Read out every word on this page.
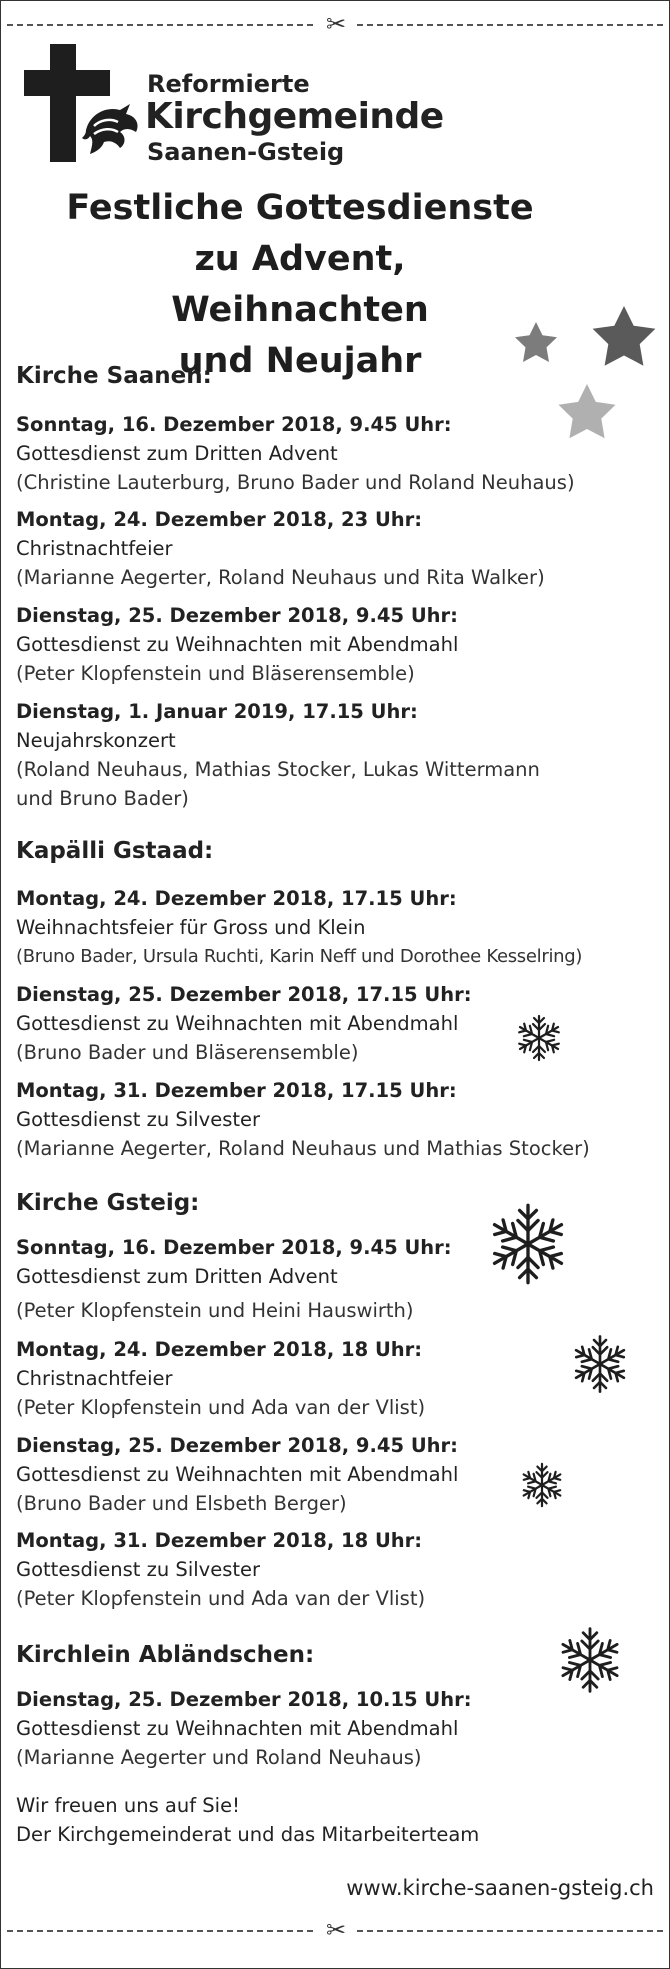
✂
✂
Reformierte
Kirchgemeinde
Saanen-Gsteig
Festliche Gottesdienste
zu Advent, Weihnachten
und Neujahr
Kirche Saanen:
Sonntag, 16. Dezember 2018, 9.45 Uhr:
Gottesdienst zum Dritten Advent
(Christine Lauterburg, Bruno Bader und Roland Neuhaus)
Montag, 24. Dezember 2018, 23 Uhr:
Christnachtfeier
(Marianne Aegerter, Roland Neuhaus und Rita Walker)
Dienstag, 25. Dezember 2018, 9.45 Uhr:
Gottesdienst zu Weihnachten mit Abendmahl
(Peter Klopfenstein und Bläserensemble)
Dienstag, 1. Januar 2019, 17.15 Uhr:
Neujahrskonzert
(Roland Neuhaus, Mathias Stocker, Lukas Wittermann
und Bruno Bader)
Kapälli Gstaad:
Montag, 24. Dezember 2018, 17.15 Uhr:
Weihnachtsfeier für Gross und Klein
(Bruno Bader, Ursula Ruchti, Karin Neff und Dorothee Kesselring)
Dienstag, 25. Dezember 2018, 17.15 Uhr:
Gottesdienst zu Weihnachten mit Abendmahl
(Bruno Bader und Bläserensemble)
Montag, 31. Dezember 2018, 17.15 Uhr:
Gottesdienst zu Silvester
(Marianne Aegerter, Roland Neuhaus und Mathias Stocker)
Kirche Gsteig:
Sonntag, 16. Dezember 2018, 9.45 Uhr:
Gottesdienst zum Dritten Advent
(Peter Klopfenstein und Heini Hauswirth)
Montag, 24. Dezember 2018, 18 Uhr:
Christnachtfeier
(Peter Klopfenstein und Ada van der Vlist)
Dienstag, 25. Dezember 2018, 9.45 Uhr:
Gottesdienst zu Weihnachten mit Abendmahl
(Bruno Bader und Elsbeth Berger)
Montag, 31. Dezember 2018, 18 Uhr:
Gottesdienst zu Silvester
(Peter Klopfenstein und Ada van der Vlist)
Kirchlein Abländschen:
Dienstag, 25. Dezember 2018, 10.15 Uhr:
Gottesdienst zu Weihnachten mit Abendmahl
(Marianne Aegerter und Roland Neuhaus)
Wir freuen uns auf Sie!
Der Kirchgemeinderat und das Mitarbeiterteam
www.kirche-saanen-gsteig.ch
